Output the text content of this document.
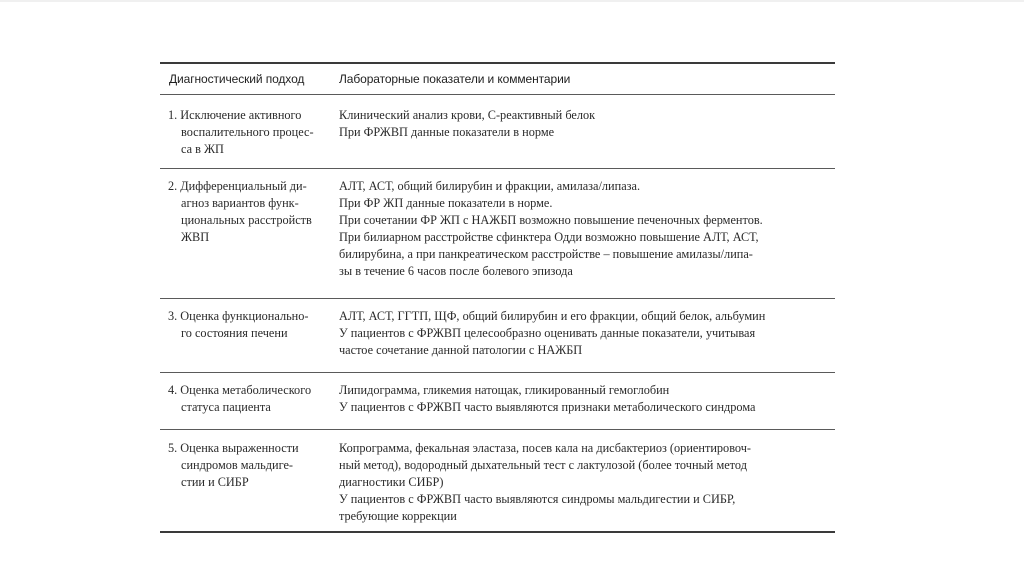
Диагностический подход	Лабораторные показатели и комментарии
1. Исключение активного
воспалительного процес-
са в ЖП
Клинический анализ крови, С-реактивный белок
При ФРЖВП данные показатели в норме
2. Дифференциальный ди-
агноз вариантов функ-
циональных расстройств
ЖВП
АЛТ, АСТ, общий билирубин и фракции, амилаза/липаза.
При ФР ЖП данные показатели в норме.
При сочетании ФР ЖП с НАЖБП возможно повышение печеночных ферментов.
При билиарном расстройстве сфинктера Одди возможно повышение АЛТ, АСТ,
билирубина, а при панкреатическом расстройстве – повышение амилазы/липа-
зы в течение 6 часов после болевого эпизода
3. Оценка функционально-
го состояния печени
АЛТ, АСТ, ГГТП, ЩФ, общий билирубин и его фракции, общий белок, альбумин
У пациентов с ФРЖВП целесообразно оценивать данные показатели, учитывая
частое сочетание данной патологии с НАЖБП
4. Оценка метаболического
статуса пациента
Липидограмма, гликемия натощак, гликированный гемоглобин
У пациентов с ФРЖВП часто выявляются признаки метаболического синдрома
5. Оценка выраженности
синдромов мальдиге-
стии и СИБР
Копрограмма, фекальная эластаза, посев кала на дисбактериоз (ориентировоч-
ный метод), водородный дыхательный тест с лактулозой (более точный метод
диагностики СИБР)
У пациентов с ФРЖВП часто выявляются синдромы мальдигестии и СИБР,
требующие коррекции
